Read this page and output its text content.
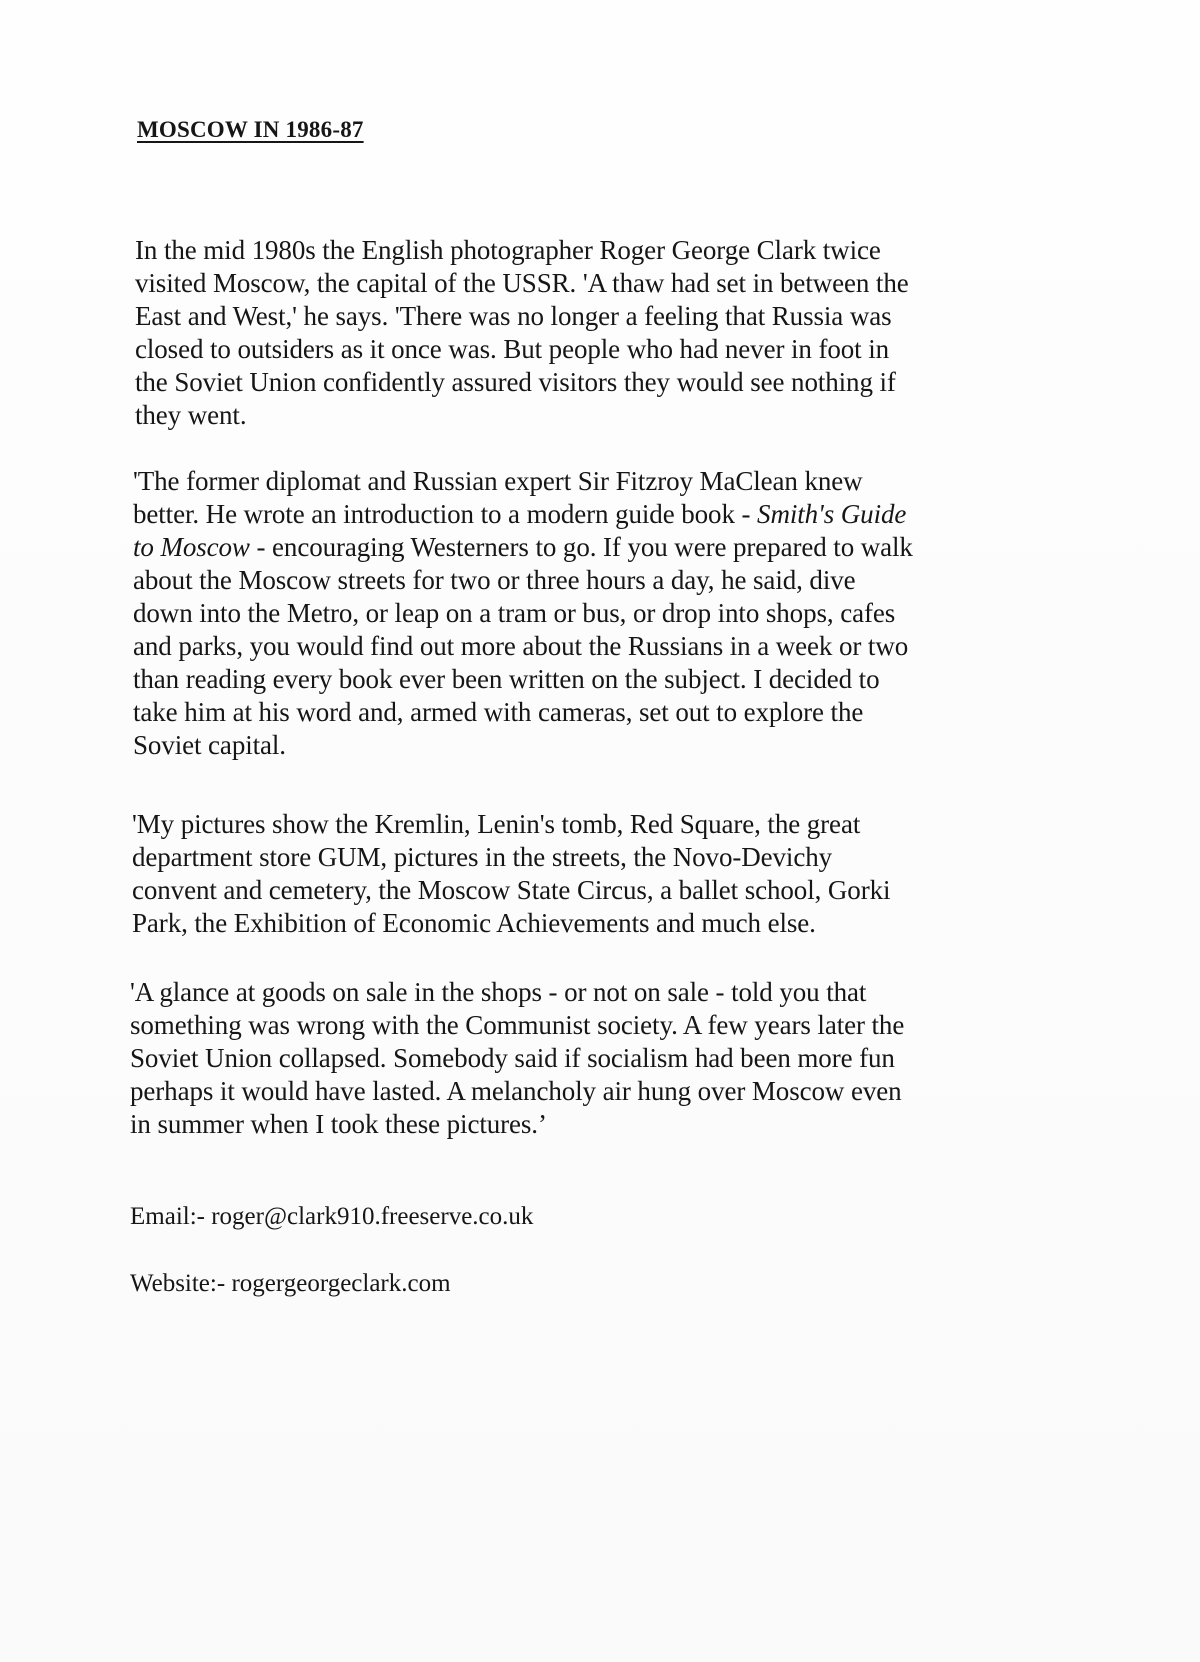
MOSCOW IN 1986-87
In the mid 1980s the English photographer Roger George Clark twice
visited Moscow, the capital of the USSR. 'A thaw had set in between the
East and West,' he says. 'There was no longer a feeling that Russia was
closed to outsiders as it once was. But people who had never in foot in
the Soviet Union confidently assured visitors they would see nothing if
they went.
'The former diplomat and Russian expert Sir Fitzroy MaClean knew
better. He wrote an introduction to a modern guide book - Smith's Guide
to Moscow - encouraging Westerners to go. If you were prepared to walk
about the Moscow streets for two or three hours a day, he said, dive
down into the Metro, or leap on a tram or bus, or drop into shops, cafes
and parks, you would find out more about the Russians in a week or two
than reading every book ever been written on the subject. I decided to
take him at his word and, armed with cameras, set out to explore the
Soviet capital.
'My pictures show the Kremlin, Lenin's tomb, Red Square, the great
department store GUM, pictures in the streets, the Novo-Devichy
convent and cemetery, the Moscow State Circus, a ballet school, Gorki
Park, the Exhibition of Economic Achievements and much else.
'A glance at goods on sale in the shops - or not on sale - told you that
something was wrong with the Communist society. A few years later the
Soviet Union collapsed. Somebody said if socialism had been more fun
perhaps it would have lasted. A melancholy air hung over Moscow even
in summer when I took these pictures.’
Email:- roger@clark910.freeserve.co.uk
Website:- rogergeorgeclark.com
